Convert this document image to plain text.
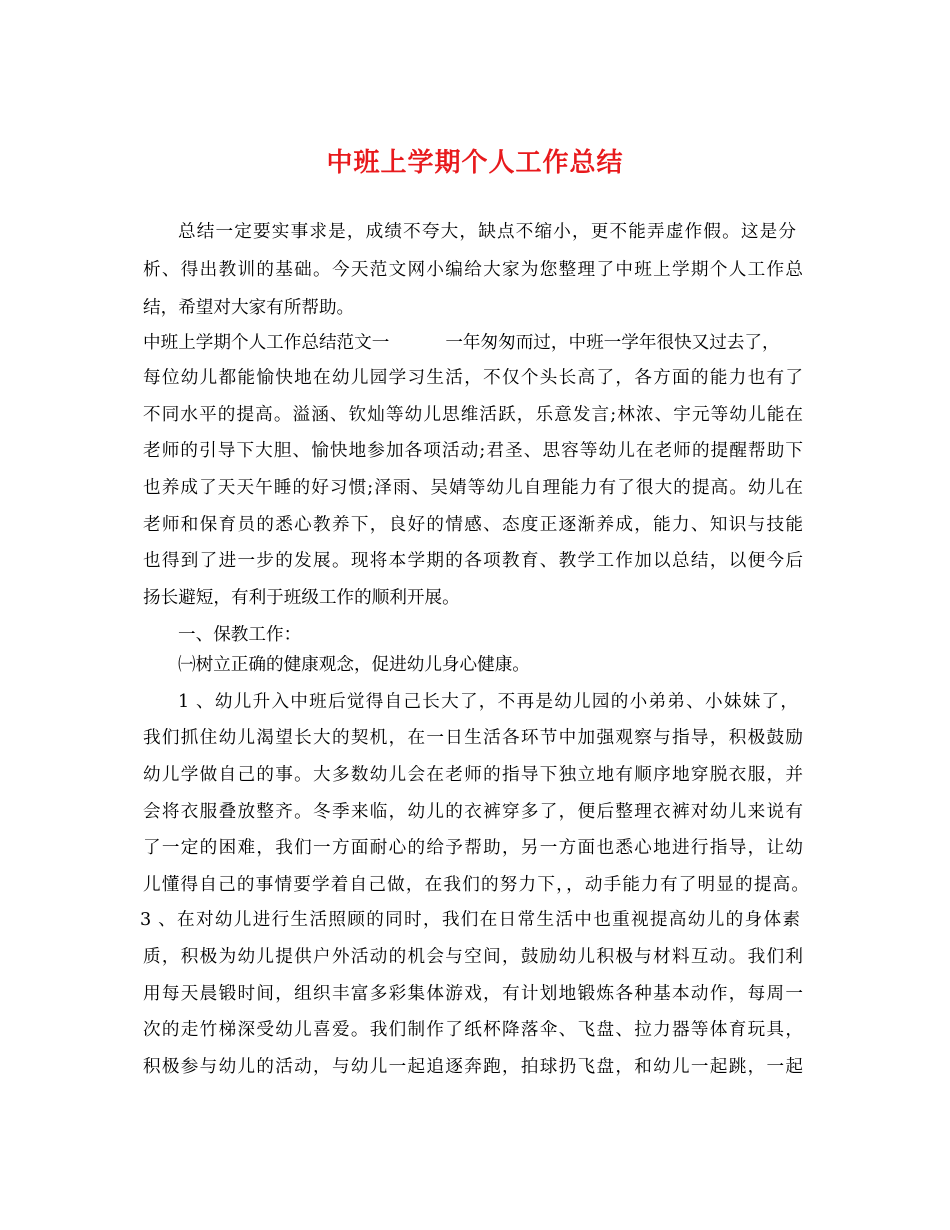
中班上学期个人工作总结
总结一定要实事求是，成绩不夸大，缺点不缩小，更不能弄虚作假。这是分
析、得出教训的基础。今天范文网小编给大家为您整理了中班上学期个人工作总
结，希望对大家有所帮助。
中班上学期个人工作总结范文一	一年匆匆而过，中班一学年很快又过去了，
每位幼儿都能愉快地在幼儿园学习生活，不仅个头长高了，各方面的能力也有了
不同水平的提高。溢涵、钦灿等幼儿思维活跃，乐意发言;林浓、宇元等幼儿能在
老师的引导下大胆、愉快地参加各项活动;君圣、思容等幼儿在老师的提醒帮助下
也养成了天天午睡的好习惯;泽雨、吴婧等幼儿自理能力有了很大的提高。幼儿在
老师和保育员的悉心教养下，良好的情感、态度正逐渐养成，能力、知识与技能
也得到了进一步的发展。现将本学期的各项教育、教学工作加以总结，以便今后
扬长避短，有利于班级工作的顺利开展。
一、保教工作：
㈠树立正确的健康观念，促进幼儿身心健康。
1 、幼儿升入中班后觉得自己长大了，不再是幼儿园的小弟弟、小妹妹了，
我们抓住幼儿渴望长大的契机，在一日生活各环节中加强观察与指导，积极鼓励
幼儿学做自己的事。大多数幼儿会在老师的指导下独立地有顺序地穿脱衣服，并
会将衣服叠放整齐。冬季来临，幼儿的衣裤穿多了，便后整理衣裤对幼儿来说有
了一定的困难，我们一方面耐心的给予帮助，另一方面也悉心地进行指导，让幼
儿懂得自己的事情要学着自己做，在我们的努力下，，动手能力有了明显的提高。
3 、在对幼儿进行生活照顾的同时，我们在日常生活中也重视提高幼儿的身体素
质，积极为幼儿提供户外活动的机会与空间，鼓励幼儿积极与材料互动。我们利
用每天晨锻时间，组织丰富多彩集体游戏，有计划地锻炼各种基本动作，每周一
次的走竹梯深受幼儿喜爱。我们制作了纸杯降落伞、飞盘、拉力器等体育玩具，
积极参与幼儿的活动，与幼儿一起追逐奔跑，拍球扔飞盘，和幼儿一起跳，一起
